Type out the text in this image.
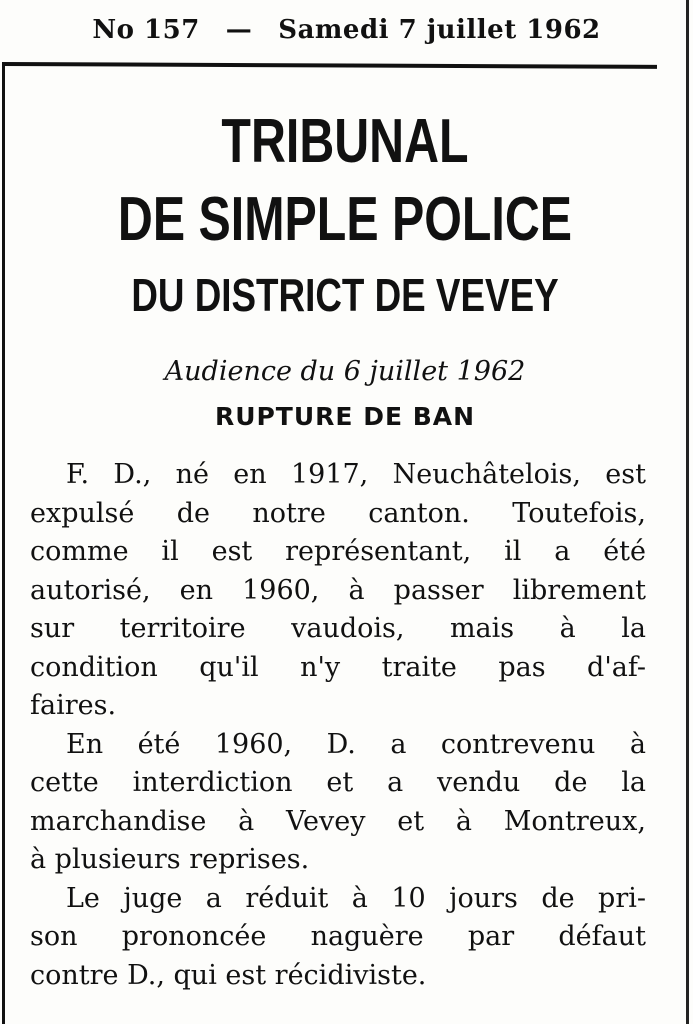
No 157 — Samedi 7 juillet 1962
TRIBUNAL
DE SIMPLE POLICE
DU DISTRICT DE VEVEY
Audience du 6 juillet 1962
RUPTURE DE BAN
F. D., né en 1917, Neuchâtelois, est
expulsé de notre canton. Toutefois,
comme il est représentant, il a été
autorisé, en 1960, à passer librement
sur territoire vaudois, mais à la
condition qu'il n'y traite pas d'af-
faires.
En été 1960, D. a contrevenu à
cette interdiction et a vendu de la
marchandise à Vevey et à Montreux,
à plusieurs reprises.
Le juge a réduit à 10 jours de pri-
son prononcée naguère par défaut
contre D., qui est récidiviste.
